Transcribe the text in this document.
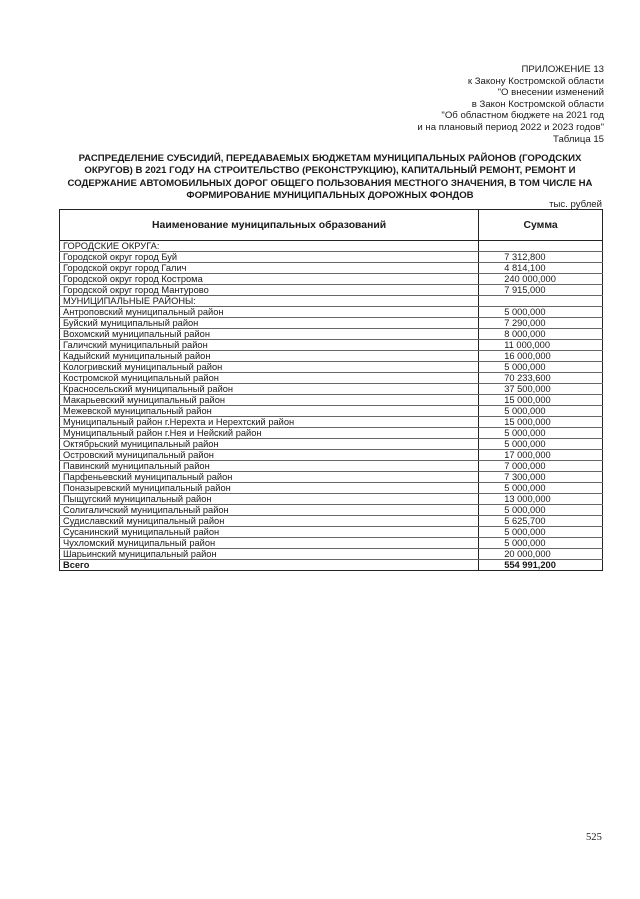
ПРИЛОЖЕНИЕ 13
к Закону Костромской области
"О внесении изменений
в Закон Костромской области
"Об областном бюджете на 2021 год
и на плановый период 2022 и 2023 годов"
Таблица 15
РАСПРЕДЕЛЕНИЕ СУБСИДИЙ, ПЕРЕДАВАЕМЫХ БЮДЖЕТАМ МУНИЦИПАЛЬНЫХ РАЙОНОВ (ГОРОДСКИХ ОКРУГОВ) В 2021 ГОДУ НА СТРОИТЕЛЬСТВО (РЕКОНСТРУКЦИЮ), КАПИТАЛЬНЫЙ РЕМОНТ, РЕМОНТ И СОДЕРЖАНИЕ АВТОМОБИЛЬНЫХ ДОРОГ ОБЩЕГО ПОЛЬЗОВАНИЯ МЕСТНОГО ЗНАЧЕНИЯ, В ТОМ ЧИСЛЕ НА ФОРМИРОВАНИЕ МУНИЦИПАЛЬНЫХ ДОРОЖНЫХ ФОНДОВ
тыс. рублей
Наименование муниципальных образований	Сумма
ГОРОДСКИЕ ОКРУГА:	
Городской округ город Буй	7 312,800
Городской округ город Галич	4 814,100
Городской округ город Кострома	240 000,000
Городской округ город Мантурово	7 915,000
МУНИЦИПАЛЬНЫЕ РАЙОНЫ:	
Антроповский муниципальный район	5 000,000
Буйский муниципальный район	7 290,000
Вохомский муниципальный район	8 000,000
Галичский муниципальный район	11 000,000
Кадыйский муниципальный район	16 000,000
Кологривский муниципальный район	5 000,000
Костромской муниципальный район	70 233,600
Красносельский муниципальный район	37 500,000
Макарьевский муниципальный район	15 000,000
Межевской муниципальный район	5 000,000
Муниципальный район г.Нерехта и Нерехтский район	15 000,000
Муниципальный район г.Нея и Нейский район	5 000,000
Октябрьский муниципальный район	5 000,000
Островский муниципальный район	17 000,000
Павинский муниципальный район	7 000,000
Парфеньевский муниципальный район	7 300,000
Поназыревский муниципальный район	5 000,000
Пыщугский муниципальный район	13 000,000
Солигаличский муниципальный район	5 000,000
Судиславский муниципальный район	5 625,700
Сусанинский муниципальный район	5 000,000
Чухломский муниципальный район	5 000,000
Шарьинский муниципальный район	20 000,000
Всего	554 991,200
525
